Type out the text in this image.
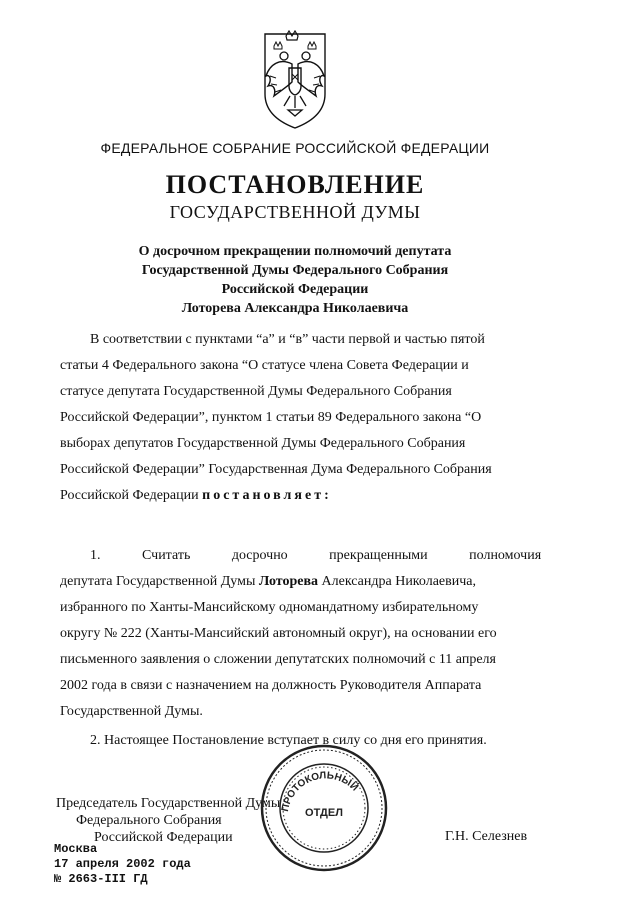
ФЕДЕРАЛЬНОЕ СОБРАНИЕ РОССИЙСКОЙ ФЕДЕРАЦИИ
ПОСТАНОВЛЕНИЕ
ГОСУДАРСТВЕННОЙ ДУМЫ
О досрочном прекращении полномочий депутата
Государственной Думы Федерального Собрания
Российской Федерации
Лоторева Александра Николаевича
В соответствии с пунктами “а” и “в” части первой и частью пятой
статьи 4 Федерального закона “О статусе члена Совета Федерации и
статусе депутата Государственной Думы Федерального Собрания
Российской Федерации”, пунктом 1 статьи 89 Федерального закона “О
выборах депутатов Государственной Думы Федерального Собрания
Российской Федерации” Государственная Дума Федерального Собрания
Российской Федерации постановляет:
1. Считать досрочно прекращенными полномочия
депутата Государственной Думы Лоторева Александра Николаевича,
избранного по Ханты-Мансийскому одномандатному избирательному
округу № 222 (Ханты-Мансийский автономный округ), на основании его
письменного заявления о сложении депутатских полномочий с 11 апреля
2002 года в связи с назначением на должность Руководителя Аппарата
Государственной Думы.
2. Настоящее Постановление вступает в силу со дня его принятия.
Председатель Государственной Думы
Федерального Собрания
Российской Федерации	Г.Н. Селезнев
Москва
17 апреля 2002 года
№ 2663-III ГД
ПРОТОКОЛЬНЫЙ
ОТДЕЛ
